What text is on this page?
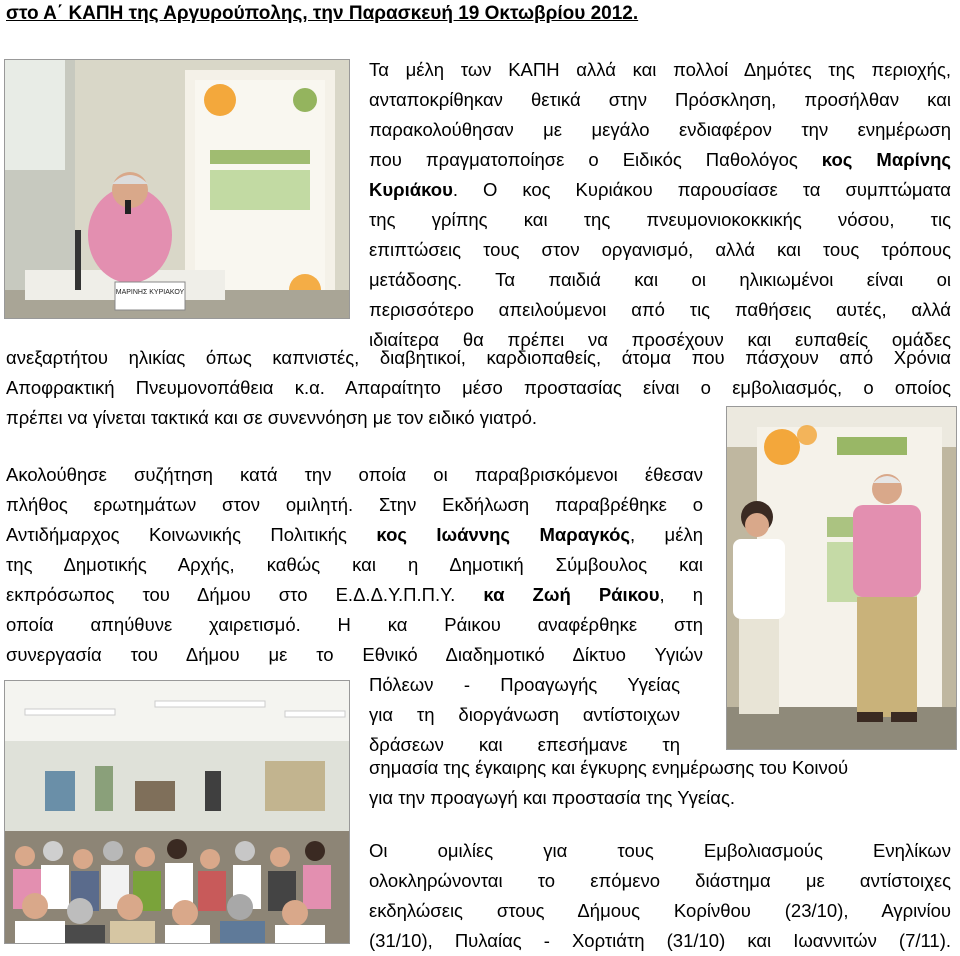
στο Α΄ ΚΑΠΗ της Αργυρούπολης, την Παρασκευή 19 Οκτωβρίου 2012.
ΜΑΡΙΝΗΣ ΚΥΡΙΑΚΟΥ
Τα μέλη των ΚΑΠΗ αλλά και πολλοί Δημότες της περιοχής,
ανταποκρίθηκαν θετικά στην Πρόσκληση, προσήλθαν και
παρακολούθησαν με μεγάλο ενδιαφέρον την ενημέρωση
που πραγματοποίησε ο Ειδικός Παθολόγος κος Μαρίνης
Κυριάκου. Ο κος Κυριάκου παρουσίασε τα συμπτώματα
της γρίπης και της πνευμονιοκοκκικής νόσου, τις
επιπτώσεις τους στον οργανισμό, αλλά και τους τρόπους
μετάδοσης. Τα παιδιά και οι ηλικιωμένοι είναι οι
περισσότερο απειλούμενοι από τις παθήσεις αυτές, αλλά
ιδιαίτερα θα πρέπει να προσέχουν και ευπαθείς ομάδες
ανεξαρτήτου ηλικίας όπως καπνιστές, διαβητικοί, καρδιοπαθείς, άτομα που πάσχουν από Χρόνια
Αποφρακτική Πνευμονοπάθεια κ.α. Απαραίτητο μέσο προστασίας είναι ο εμβολιασμός, ο οποίος
πρέπει να γίνεται τακτικά και σε συνεννόηση με τον ειδικό γιατρό.
Ακολούθησε συζήτηση κατά την οποία οι παραβρισκόμενοι έθεσαν
πλήθος ερωτημάτων στον ομιλητή. Στην Εκδήλωση παραβρέθηκε ο
Αντιδήμαρχος Κοινωνικής Πολιτικής κος Ιωάννης Μαραγκός, μέλη
της Δημοτικής Αρχής, καθώς και η Δημοτική Σύμβουλος και
εκπρόσωπος του Δήμου στο Ε.Δ.Δ.Υ.Π.Π.Υ. κα Ζωή Ράικου, η
οποία απηύθυνε χαιρετισμό. Η κα Ράικου αναφέρθηκε στη
συνεργασία του Δήμου με το Εθνικό Διαδημοτικό Δίκτυο Υγιών
Πόλεων - Προαγωγής Υγείας
για τη διοργάνωση αντίστοιχων
δράσεων και επεσήμανε τη
σημασία της έγκαιρης και έγκυρης ενημέρωσης του Κοινού
για την προαγωγή και προστασία της Υγείας.
Οι ομιλίες για τους Εμβολιασμούς Ενηλίκων
ολοκληρώνονται το επόμενο διάστημα με αντίστοιχες
εκδηλώσεις στους Δήμους Κορίνθου (23/10), Αγρινίου
(31/10), Πυλαίας - Χορτιάτη (31/10) και Ιωαννιτών (7/11).
